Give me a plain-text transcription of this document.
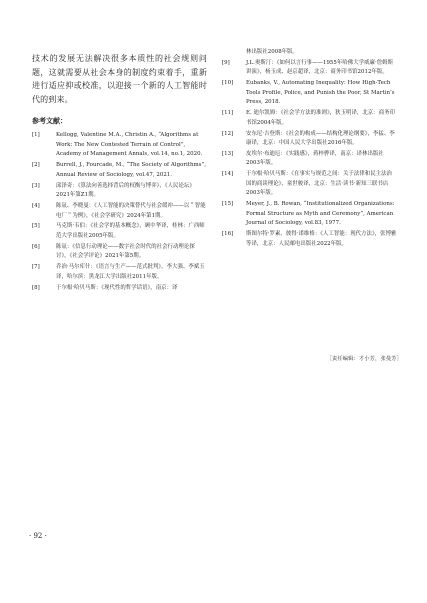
技术的发展无法解决很多本质性的社会规则问题，这就需要从社会本身的制度约束着手，重新进行适应抑或校准，以迎接一个新的人工智能时代的到来。

参考文献：
[1]	Kellogg, Valentine M.A., Christin A., “Algorithms at Work: The New Contested Terrain of Control”, Academy of Management Annals, vol.14, no.1, 2020.
[2]	Burrell, J., Fourcade, M., “The Society of Algorithms”, Annual Review of Sociology, vol.47, 2021.
[3]	邱泽奇：《算法向善选择背后的权衡与博弈》，《人民论坛》2021年第Z1期。
[4]	陈氚、李晓曼：《人工智能的决策替代与社会缓冲——以＂智能电厂＂为例》，《社会学研究》2024年第1期。
[5]	马克斯·韦伯：《社会学的基本概念》，顾中华译，桂林：广西师范大学出版社2005年版。
[6]	陈氚：《信息行动理论——数字社会时代的社会行动理论探讨》，《社会学评论》2021年第5期。
[7]	乔治·马尔库什：《语言与生产——范式批判》，李大强、李斌玉译，哈尔滨：黑龙江大学出版社2011年版。
[8]	于尔根·哈贝马斯：《现代性的哲学话语》，南京：译
林出版社2008年版。
[9]	J.L.奥斯汀：《如何以言行事——1955年哈佛大学威廉·詹姆斯讲演》，杨玉成、赵京超译，北京：商务印书馆2012年版。
[10] Eubanks, V., Automating Inequality: How High-Tech Tools Profile, Police, and Punish the Poor, St Martin’s Press, 2018.
[11] E. 迪尔凯姆：《社会学方法的准则》，狄玉明译，北京：商务印书馆2004年版。
[12] 安东尼·吉登斯：《社会的构成——结构化理论纲要》，李猛、李康译，北京：中国人民大学出版社2016年版。
[13] 皮埃尔·布迪厄：《实践感》，蒋梓骅译，南京：译林出版社2003年版。
[14] 于尔根·哈贝马斯：《在事实与规范之间：关于法律和民主法治国的商谈理论》，童世骏译，北京：生活·读书·新知三联书店2003年版。
[15] Meyer, J., B. Rowan, “Institutionalized Organizations: Formal Structure as Myth and Ceremony”, American Journal of Sociology, vol.83, 1977.
[16] 斯图尔特·罗素、彼得·诺维格：《人工智能：现代方法》，张博雅等译，北京：人民邮电出版社2022年版。
［责任编辑：才小芳，张曼芳］
· 92 ·
